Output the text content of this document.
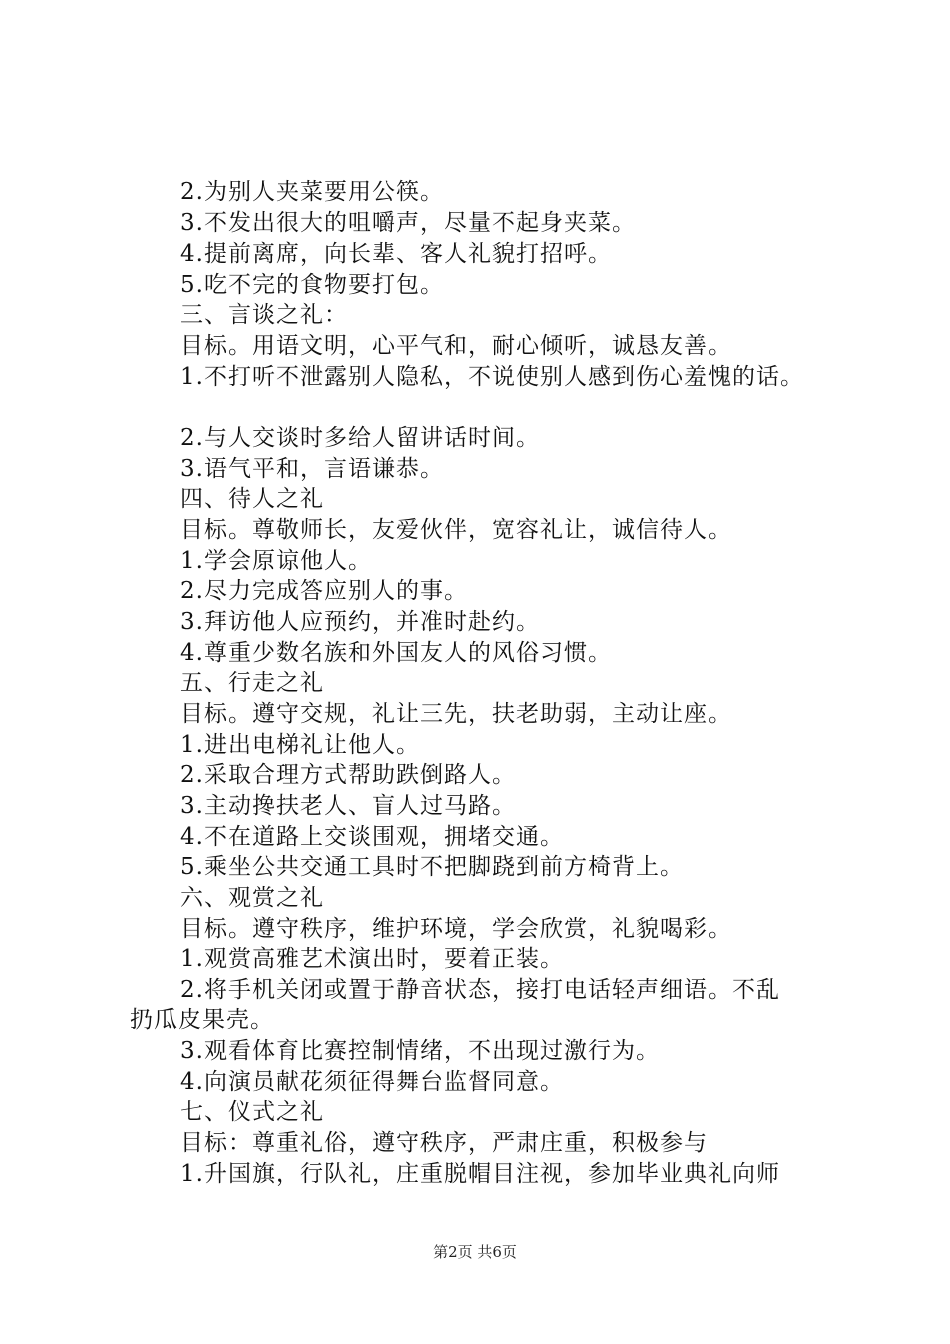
2.为别人夹菜要用公筷。
3.不发出很大的咀嚼声，尽量不起身夹菜。
4.提前离席，向长辈、客人礼貌打招呼。
5.吃不完的食物要打包。
三、言谈之礼：
目标。用语文明，心平气和，耐心倾听，诚恳友善。
1.不打听不泄露别人隐私，不说使别人感到伤心羞愧的话。
2.与人交谈时多给人留讲话时间。
3.语气平和，言语谦恭。
四、待人之礼
目标。尊敬师长，友爱伙伴，宽容礼让，诚信待人。
1.学会原谅他人。
2.尽力完成答应别人的事。
3.拜访他人应预约，并准时赴约。
4.尊重少数名族和外国友人的风俗习惯。
五、行走之礼
目标。遵守交规，礼让三先，扶老助弱，主动让座。
1.进出电梯礼让他人。
2.采取合理方式帮助跌倒路人。
3.主动搀扶老人、盲人过马路。
4.不在道路上交谈围观，拥堵交通。
5.乘坐公共交通工具时不把脚跷到前方椅背上。
六、观赏之礼
目标。遵守秩序，维护环境，学会欣赏，礼貌喝彩。
1.观赏高雅艺术演出时，要着正装。
2.将手机关闭或置于静音状态，接打电话轻声细语。不乱
扔瓜皮果壳。
3.观看体育比赛控制情绪，不出现过激行为。
4.向演员献花须征得舞台监督同意。
七、仪式之礼
目标：尊重礼俗，遵守秩序，严肃庄重，积极参与
1.升国旗，行队礼，庄重脱帽目注视，参加毕业典礼向师
第2页 共6页
